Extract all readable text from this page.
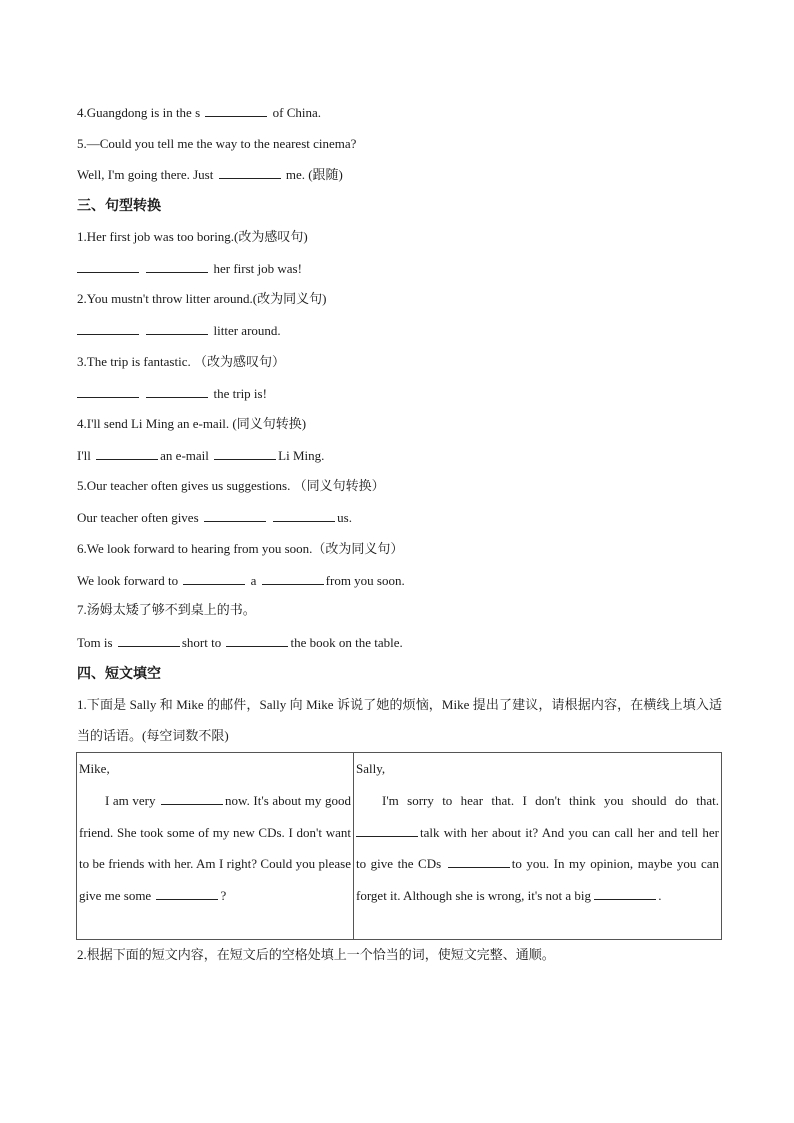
4.Guangdong is in the s	of China.
5.—Could you tell me the way to the nearest cinema?
Well, I'm going there. Just	me. (跟随)
三、句型转换
1.Her first job was too boring.(改为感叹句)
her first job was!
2.You mustn't throw litter around.(改为同义句)
litter around.
3.The trip is fantastic. （改为感叹句）
the trip is!
4.I'll send Li Ming an e-mail. (同义句转换)
I'll	an e-mail	Li Ming.
5.Our teacher often gives us suggestions. （同义句转换）
Our teacher often gives	us.
6.We look forward to hearing from you soon.（改为同义句）
We look forward to	a	from you soon.
7.汤姆太矮了够不到桌上的书。
Tom is	short to	the book on the table.
四、短文填空
1.下面是 Sally 和 Mike 的邮件，Sally 向 Mike 诉说了她的烦恼，Mike 提出了建议，请根据内容，在横线上填入适当的话语。(每空词数不限)
Mike,
I am very	now. It's about my good friend. She took some of my new CDs. I don't want to be friends with her. Am I right? Could you please give me some	?	
Sally,
I'm sorry to hear that. I don't think you should do that. talk with her about it? And you can call her and tell her to give the CDs	to you. In my opinion, maybe you can forget it. Although she is wrong, it's not a big	.
2.根据下面的短文内容，在短文后的空格处填上一个恰当的词，使短文完整、通顺。
